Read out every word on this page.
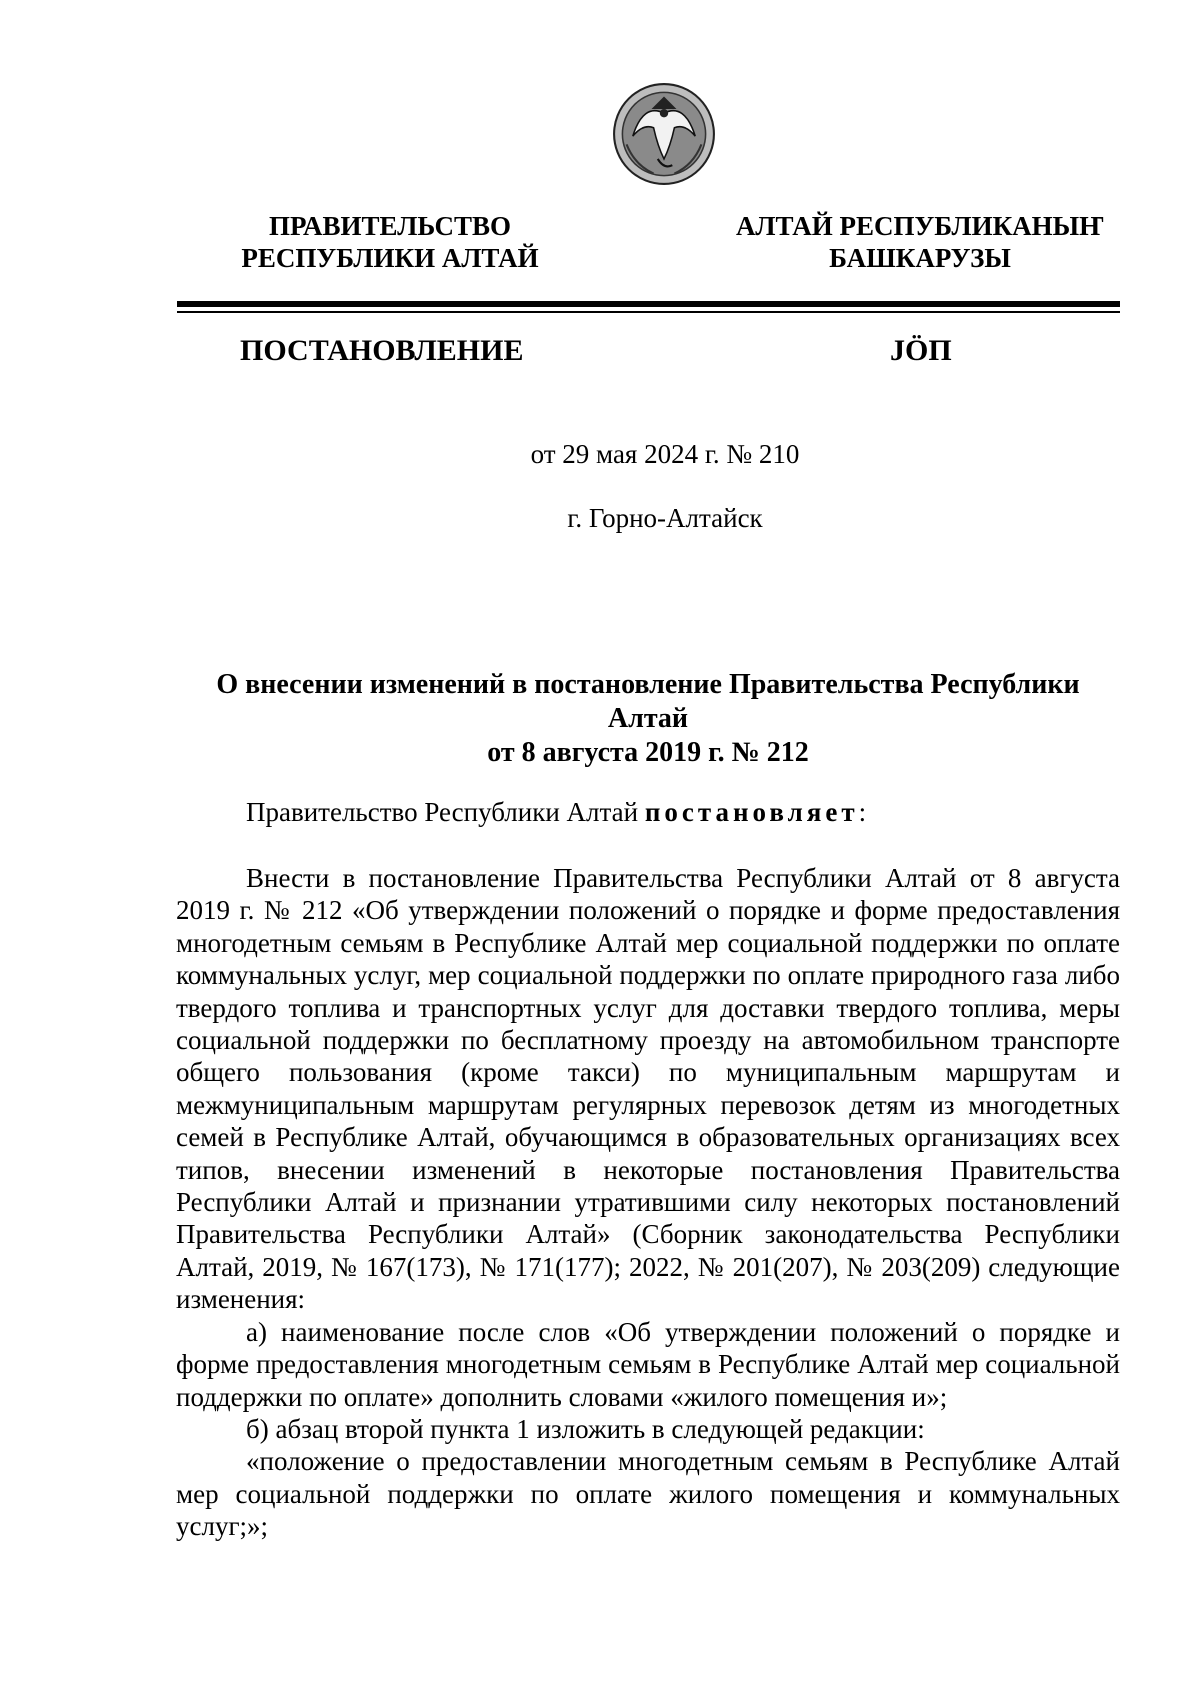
ПРАВИТЕЛЬСТВО
РЕСПУБЛИКИ АЛТАЙ
АЛТАЙ РЕСПУБЛИКАНЫҤ
БАШКАРУЗЫ
ПОСТАНОВЛЕНИЕ	ЈӦП
от 29 мая 2024 г. № 210
г. Горно-Алтайск
О внесении изменений в постановление Правительства Республики Алтай
от 8 августа 2019 г. № 212
Правительство Республики Алтай постановляет:

Внести в постановление Правительства Республики Алтай от 8 августа 2019 г. № 212 «Об утверждении положений о порядке и форме предоставления многодетным семьям в Республике Алтай мер социальной поддержки по оплате коммунальных услуг, мер социальной поддержки по оплате природного газа либо твердого топлива и транспортных услуг для доставки твердого топлива, меры социальной поддержки по бесплатному проезду на автомобильном транспорте общего пользования (кроме такси) по муниципальным маршрутам и межмуниципальным маршрутам регулярных перевозок детям из многодетных семей в Республике Алтай, обучающимся в образовательных организациях всех типов, внесении изменений в некоторые постановления Правительства Республики Алтай и признании утратившими силу некоторых постановлений Правительства Республики Алтай» (Сборник законодательства Республики Алтай, 2019, № 167(173), № 171(177); 2022, № 201(207), № 203(209) следующие изменения:

а) наименование после слов «Об утверждении положений о порядке и форме предоставления многодетным семьям в Республике Алтай мер социальной поддержки по оплате» дополнить словами «жилого помещения и»;

б) абзац второй пункта 1 изложить в следующей редакции:

«положение о предоставлении многодетным семьям в Республике Алтай мер социальной поддержки по оплате жилого помещения и коммунальных услуг;»;
